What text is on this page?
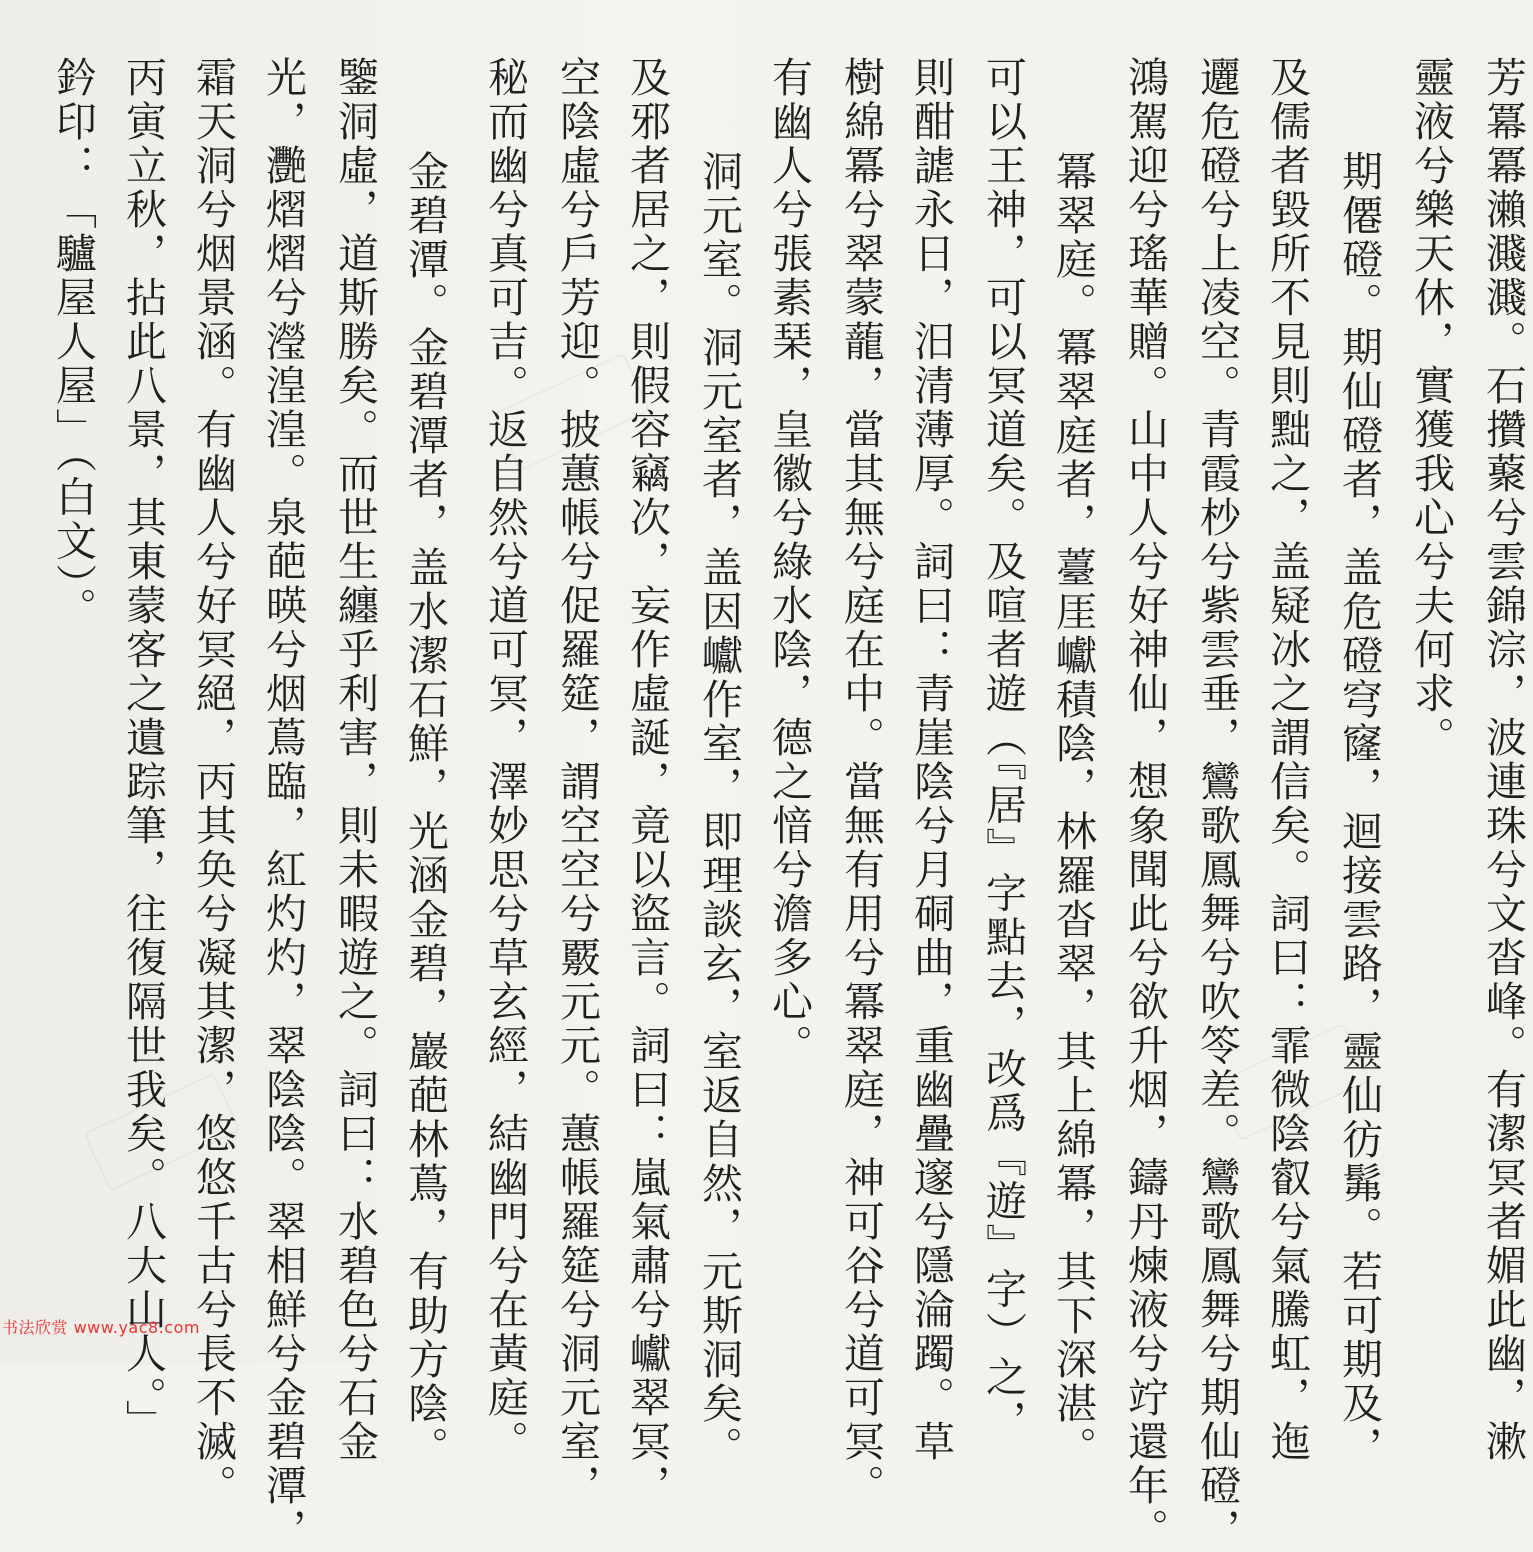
芳冪冪瀨濺濺。石攢藂兮雲錦淙，波連珠兮文沓峰。有潔冥者媚此幽，漱
靈液兮樂天休，實獲我心兮夫何求。
期僊磴。期仙磴者，盖危磴穹窿，迴接雲路，靈仙彷髴。若可期及，
及儒者毀所不見則黜之，盖疑冰之謂信矣。詞曰：霏微陰叡兮氣騰虹，迤
邐危磴兮上凌空。青霞杪兮紫雲垂，鸞歌鳳舞兮吹笭差。鸞歌鳳舞兮期仙磴，
鴻駕迎兮瑤華贈。山中人兮好神仙，想象聞此兮欲升烟，鑄丹煉液兮竚還年。
冪翠庭。冪翠庭者，薹厓巘積陰，林羅沓翠，其上綿冪，其下深湛。
可以王神，可以冥道矣。及喧者遊（『居』字點去，改爲『遊』字）之，
則酣謔永日，汨清薄厚。詞曰：青崖陰兮月硐曲，重幽疊邃兮隱淪躅。草
樹綿冪兮翠蒙蘢，當其無兮庭在中。當無有用兮冪翠庭，神可谷兮道可冥。
有幽人兮張素琹，皇徽兮綠水陰，德之愔兮澹多心。
洞元室。洞元室者，盖因巘作室，即理談玄，室返自然，元斯洞矣。
及邪者居之，則假容竊次，妄作虛誕，竟以盜言。詞曰：嵐氣肅兮巘翠冥，
空陰虛兮戶芳迎。披蕙帳兮促羅筵，謂空空兮覈元元。蕙帳羅筵兮洞元室，
秘而幽兮真可吉。返自然兮道可冥，澤妙思兮草玄經，結幽門兮在黃庭。
金碧潭。金碧潭者，盖水潔石鮮，光涵金碧，巖葩林蔦，有助方陰。
鑒洞虛，道斯勝矣。而世生纏乎利害，則未暇遊之。詞曰：水碧色兮石金
光，灧熠熠兮瀅湟湟。泉葩暎兮烟蔦臨，紅灼灼，翠陰陰。翠相鮮兮金碧潭，
霜天洞兮烟景涵。有幽人兮好冥絕，丙其奂兮凝其潔，悠悠千古兮長不滅。
丙寅立秋，拈此八景，其東蒙客之遺踪筆，往復隔世我矣。八大山人。」
鈐印：「驢屋人屋」（白文）。
书法欣赏 www.yac8.com
